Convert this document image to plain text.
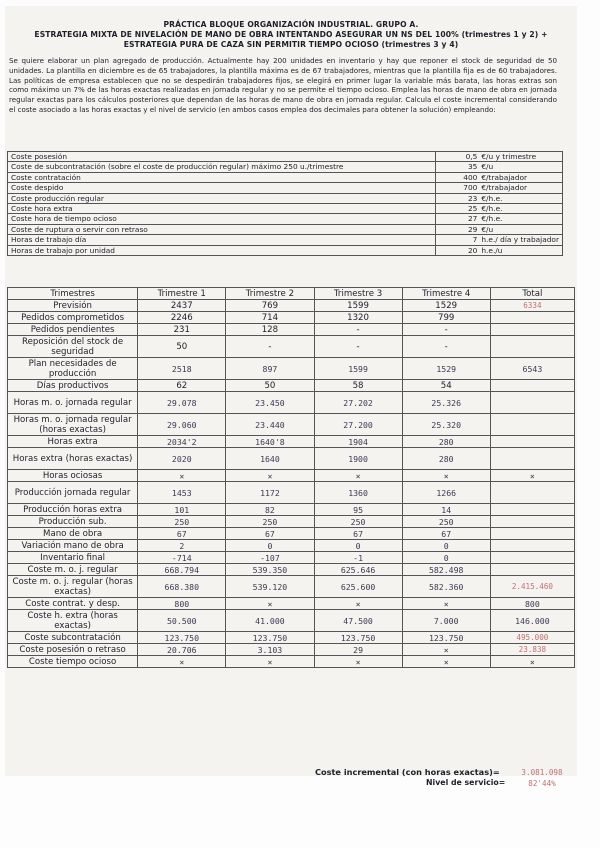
PRÁCTICA BLOQUE ORGANIZACIÓN INDUSTRIAL. GRUPO A.
ESTRATEGIA MIXTA DE NIVELACIÓN DE MANO DE OBRA INTENTANDO ASEGURAR UN NS DEL 100% (trimestres 1 y 2) +
ESTRATEGIA PURA DE CAZA SIN PERMITIR TIEMPO OCIOSO (trimestres 3 y 4)
Se quiere elaborar un plan agregado de producción. Actualmente hay 200 unidades en inventario y hay que reponer el stock de seguridad de 50 unidades. La plantilla en diciembre es de 65 trabajadores, la plantilla máxima es de 67 trabajadores, mientras que la plantilla fija es de 60 trabajadores. Las políticas de empresa establecen que no se despedirán trabajadores fijos, se elegirá en primer lugar la variable más barata, las horas extras son como máximo un 7% de las horas exactas realizadas en jornada regular y no se permite el tiempo ocioso. Emplea las horas de mano de obra en jornada regular exactas para los cálculos posteriores que dependan de las horas de mano de obra en jornada regular. Calcula el coste incremental considerando el coste asociado a las horas exactas y el nivel de servicio (en ambos casos emplea dos decimales para obtener la solución) empleando:
Coste posesión	0,5 €/u y trimestre
Coste de subcontratación (sobre el coste de producción regular) máximo 250 u./trimestre	35 €/u
Coste contratación	400 €/trabajador
Coste despido	700 €/trabajador
Coste producción regular	23 €/h.e.
Coste hora extra	25 €/h.e.
Coste hora de tiempo ocioso	27 €/h.e.
Coste de ruptura o servir con retraso	29 €/u
Horas de trabajo día	7 h.e./ día y trabajador
Horas de trabajo por unidad	20 h.e./u
Trimestres	Trimestre 1	Trimestre 2	Trimestre 3	Trimestre 4	Total
Previsión	2437	769	1599	1529	6334
Pedidos comprometidos	2246	714	1320	799	
Pedidos pendientes	231	128	-	-	
Reposición del stock de seguridad	50	-	-	-	
Plan necesidades de producción	2518	897	1599	1529	6543
Días productivos	62	50	58	54	
Horas m. o. jornada regular	29.078	23.450	27.202	25.326	
Horas m. o. jornada regular (horas exactas)	29.060	23.440	27.200	25.320	
Horas extra	2034'2	1640'8	1904	280	
Horas extra (horas exactas)	2020	1640	1900	280	
Horas ociosas	✕	✕	×	×	×
Producción jornada regular	1453	1172	1360	1266	
Producción horas extra	101	82	95	14	
Producción sub.	250	250	250	250	
Mano de obra	67	67	67	67	
Variación mano de obra	2	0	0	0	
Inventario final	-714	-107	-1	0	
Coste m. o. j. regular	668.794	539.350	625.646	582.498	
Coste m. o. j. regular (horas exactas)	668.380	539.120	625.600	582.360	2.415.460
Coste contrat. y desp.	800	×	×	×	800
Coste h. extra (horas exactas)	50.500	41.000	47.500	7.000	146.000
Coste subcontratación	123.750	123.750	123.750	123.750	495.000
Coste posesión o retraso	20.706	3.103	29	×	23.838
Coste tiempo ocioso	×	×	×	×	×
Coste incremental (con horas exactas)=	3.081.098
Nivel de servicio=	82'44%
